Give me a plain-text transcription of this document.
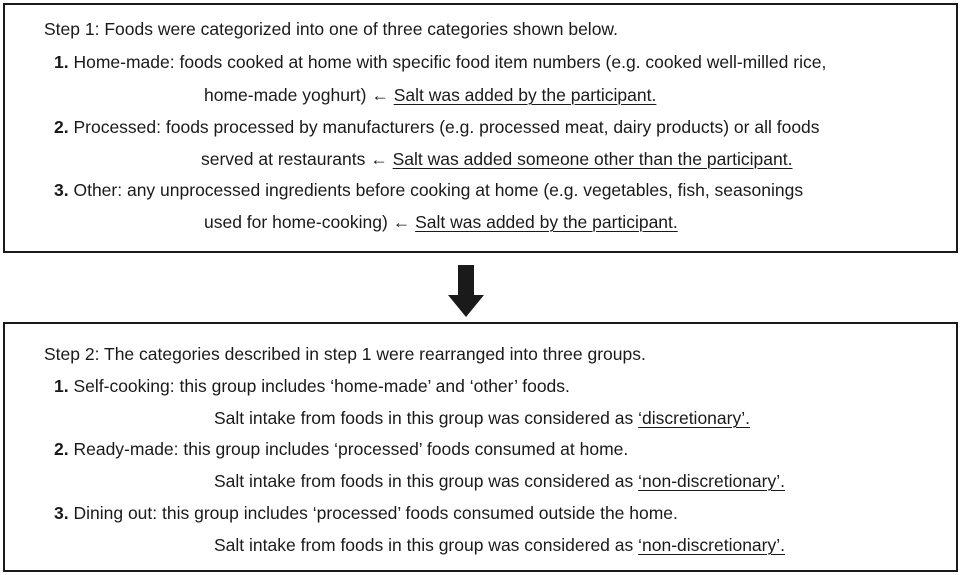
Step 1: Foods were categorized into one of three categories shown below.
1. Home-made: foods cooked at home with specific food item numbers (e.g. cooked well-milled rice,
home-made yoghurt) ← Salt was added by the participant.
2. Processed: foods processed by manufacturers (e.g. processed meat, dairy products) or all foods
served at restaurants ← Salt was added someone other than the participant.
3. Other: any unprocessed ingredients before cooking at home (e.g. vegetables, fish, seasonings
used for home-cooking) ← Salt was added by the participant.
Step 2: The categories described in step 1 were rearranged into three groups.
1. Self-cooking: this group includes ‘home-made’ and ‘other’ foods.
Salt intake from foods in this group was considered as ‘discretionary’.
2. Ready-made: this group includes ‘processed’ foods consumed at home.
Salt intake from foods in this group was considered as ‘non-discretionary’.
3. Dining out: this group includes ‘processed’ foods consumed outside the home.
Salt intake from foods in this group was considered as ‘non-discretionary’.
